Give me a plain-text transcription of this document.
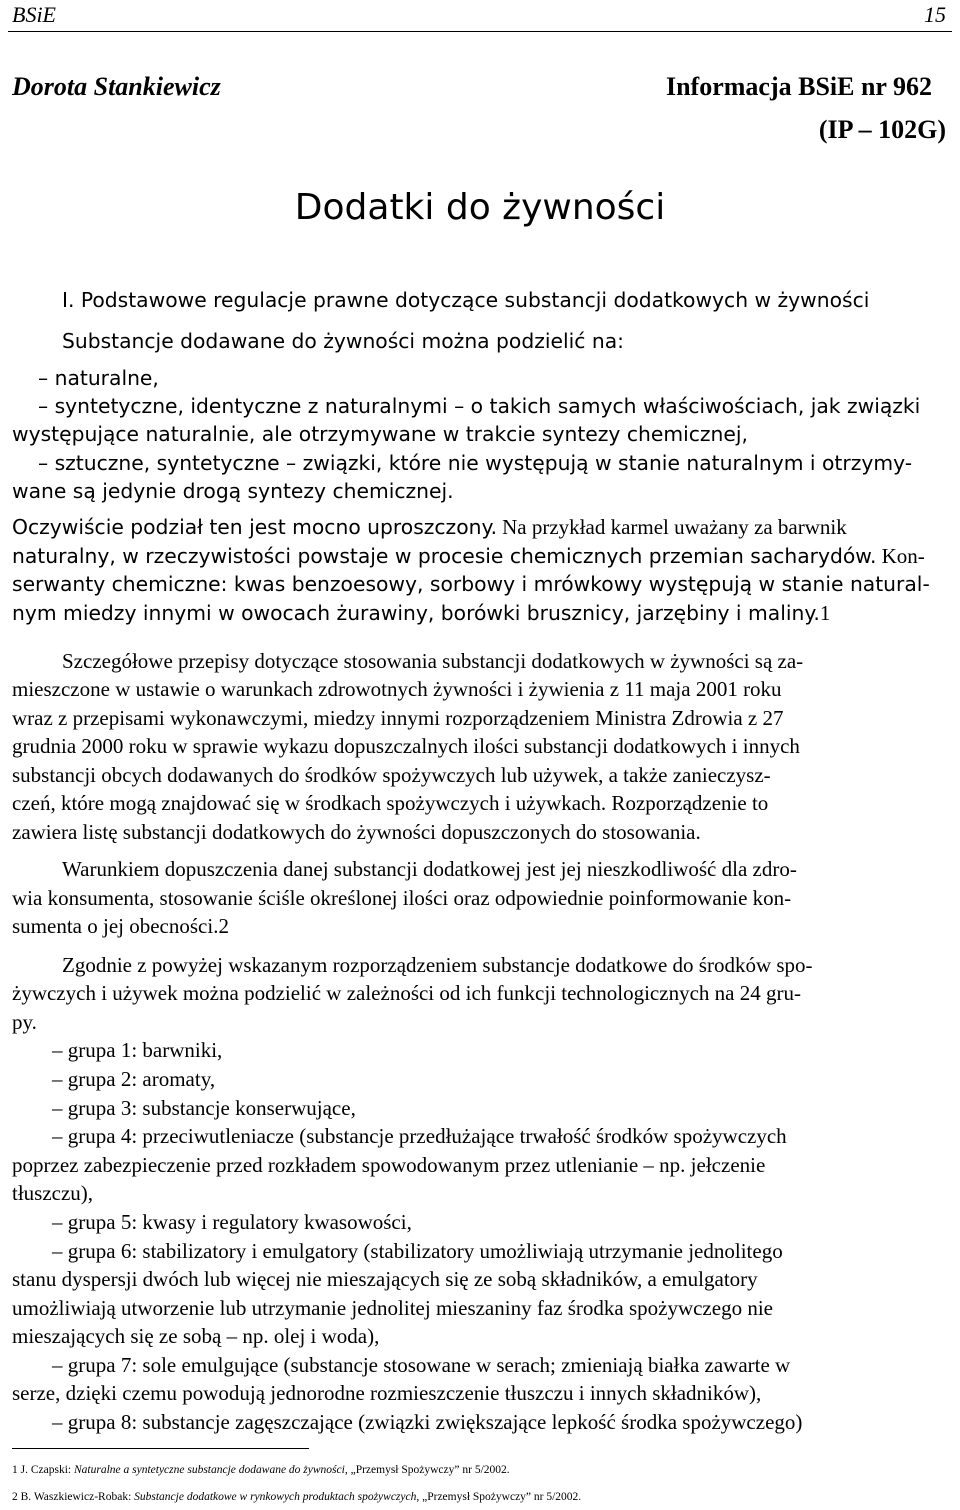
BSiE	15
Dorota Stankiewicz	Informacja BSiE nr 962
(IP – 102G)
Dodatki do żywności
I. Podstawowe regulacje prawne dotyczące substancji dodatkowych w żywności
Substancje dodawane do żywności można podzielić na:
– naturalne,
– syntetyczne, identyczne z naturalnymi – o takich samych właściwościach, jak związki
występujące naturalnie, ale otrzymywane w trakcie syntezy chemicznej,
– sztuczne, syntetyczne – związki, które nie występują w stanie naturalnym i otrzymy-
wane są jedynie drogą syntezy chemicznej.
Oczywiście podział ten jest mocno uproszczony. Na przykład karmel uważany za barwnik
naturalny, w rzeczywistości powstaje w procesie chemicznych przemian sacharydów. Kon-
serwanty chemiczne: kwas benzoesowy, sorbowy i mrówkowy występują w stanie natural-
nym miedzy innymi w owocach żurawiny, borówki brusznicy, jarzębiny i maliny.1
Szczegółowe przepisy dotyczące stosowania substancji dodatkowych w żywności są za-
mieszczone w ustawie o warunkach zdrowotnych żywności i żywienia z 11 maja 2001 roku
wraz z przepisami wykonawczymi, miedzy innymi rozporządzeniem Ministra Zdrowia z 27
grudnia 2000 roku w sprawie wykazu dopuszczalnych ilości substancji dodatkowych i innych
substancji obcych dodawanych do środków spożywczych lub używek, a także zanieczysz-
czeń, które mogą znajdować się w środkach spożywczych i używkach. Rozporządzenie to
zawiera listę substancji dodatkowych do żywności dopuszczonych do stosowania.
Warunkiem dopuszczenia danej substancji dodatkowej jest jej nieszkodliwość dla zdro-
wia konsumenta, stosowanie ściśle określonej ilości oraz odpowiednie poinformowanie kon-
sumenta o jej obecności.2
Zgodnie z powyżej wskazanym rozporządzeniem substancje dodatkowe do środków spo-
żywczych i używek można podzielić w zależności od ich funkcji technologicznych na 24 gru-
py.
– grupa 1: barwniki,
– grupa 2: aromaty,
– grupa 3: substancje konserwujące,
– grupa 4: przeciwutleniacze (substancje przedłużające trwałość środków spożywczych
poprzez zabezpieczenie przed rozkładem spowodowanym przez utlenianie – np. jełczenie
tłuszczu),
– grupa 5: kwasy i regulatory kwasowości,
– grupa 6: stabilizatory i emulgatory (stabilizatory umożliwiają utrzymanie jednolitego
stanu dyspersji dwóch lub więcej nie mieszających się ze sobą składników, a emulgatory
umożliwiają utworzenie lub utrzymanie jednolitej mieszaniny faz środka spożywczego nie
mieszających się ze sobą – np. olej i woda),
– grupa 7: sole emulgujące (substancje stosowane w serach; zmieniają białka zawarte w
serze, dzięki czemu powodują jednorodne rozmieszczenie tłuszczu i innych składników),
– grupa 8: substancje zagęszczające (związki zwiększające lepkość środka spożywczego)
1 J. Czapski: Naturalne a syntetyczne substancje dodawane do żywności, „Przemysł Spożywczy” nr 5/2002.
2 B. Waszkiewicz-Robak: Substancje dodatkowe w rynkowych produktach spożywczych, „Przemysł Spożywczy” nr 5/2002.
